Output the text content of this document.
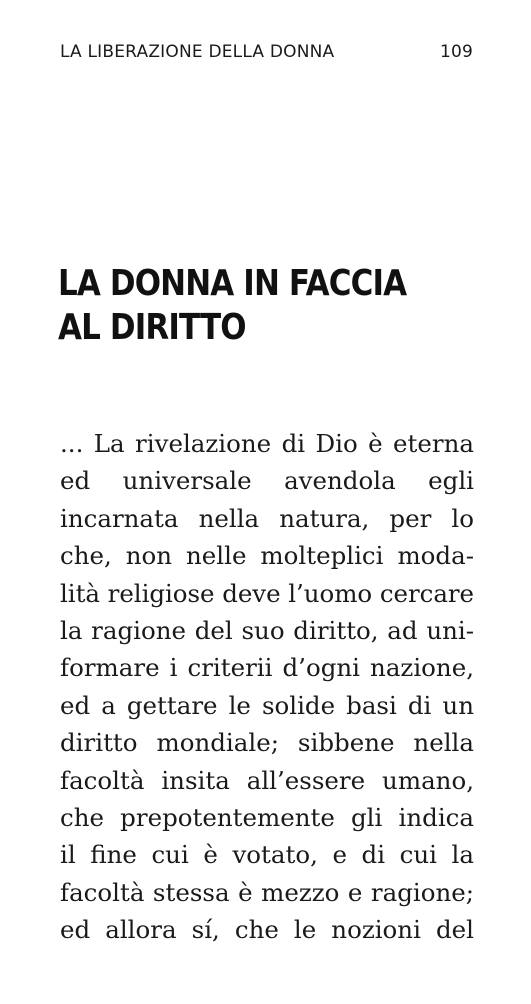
LA LIBERAZIONE DELLA DONNA	109
LA DONNA IN FACCIA
AL DIRITTO
... La rivelazione di Dio è eterna
ed universale avendola egli
incarnata nella natura, per lo
che, non nelle molteplici moda-
lità religiose deve l’uomo cercare
la ragione del suo diritto, ad uni-
formare i criterii d’ogni nazione,
ed a gettare le solide basi di un
diritto mondiale; sibbene nella
facoltà insita all’essere umano,
che prepotentemente gli indica
il fine cui è votato, e di cui la
facoltà stessa è mezzo e ragione;
ed allora sí, che le nozioni del
